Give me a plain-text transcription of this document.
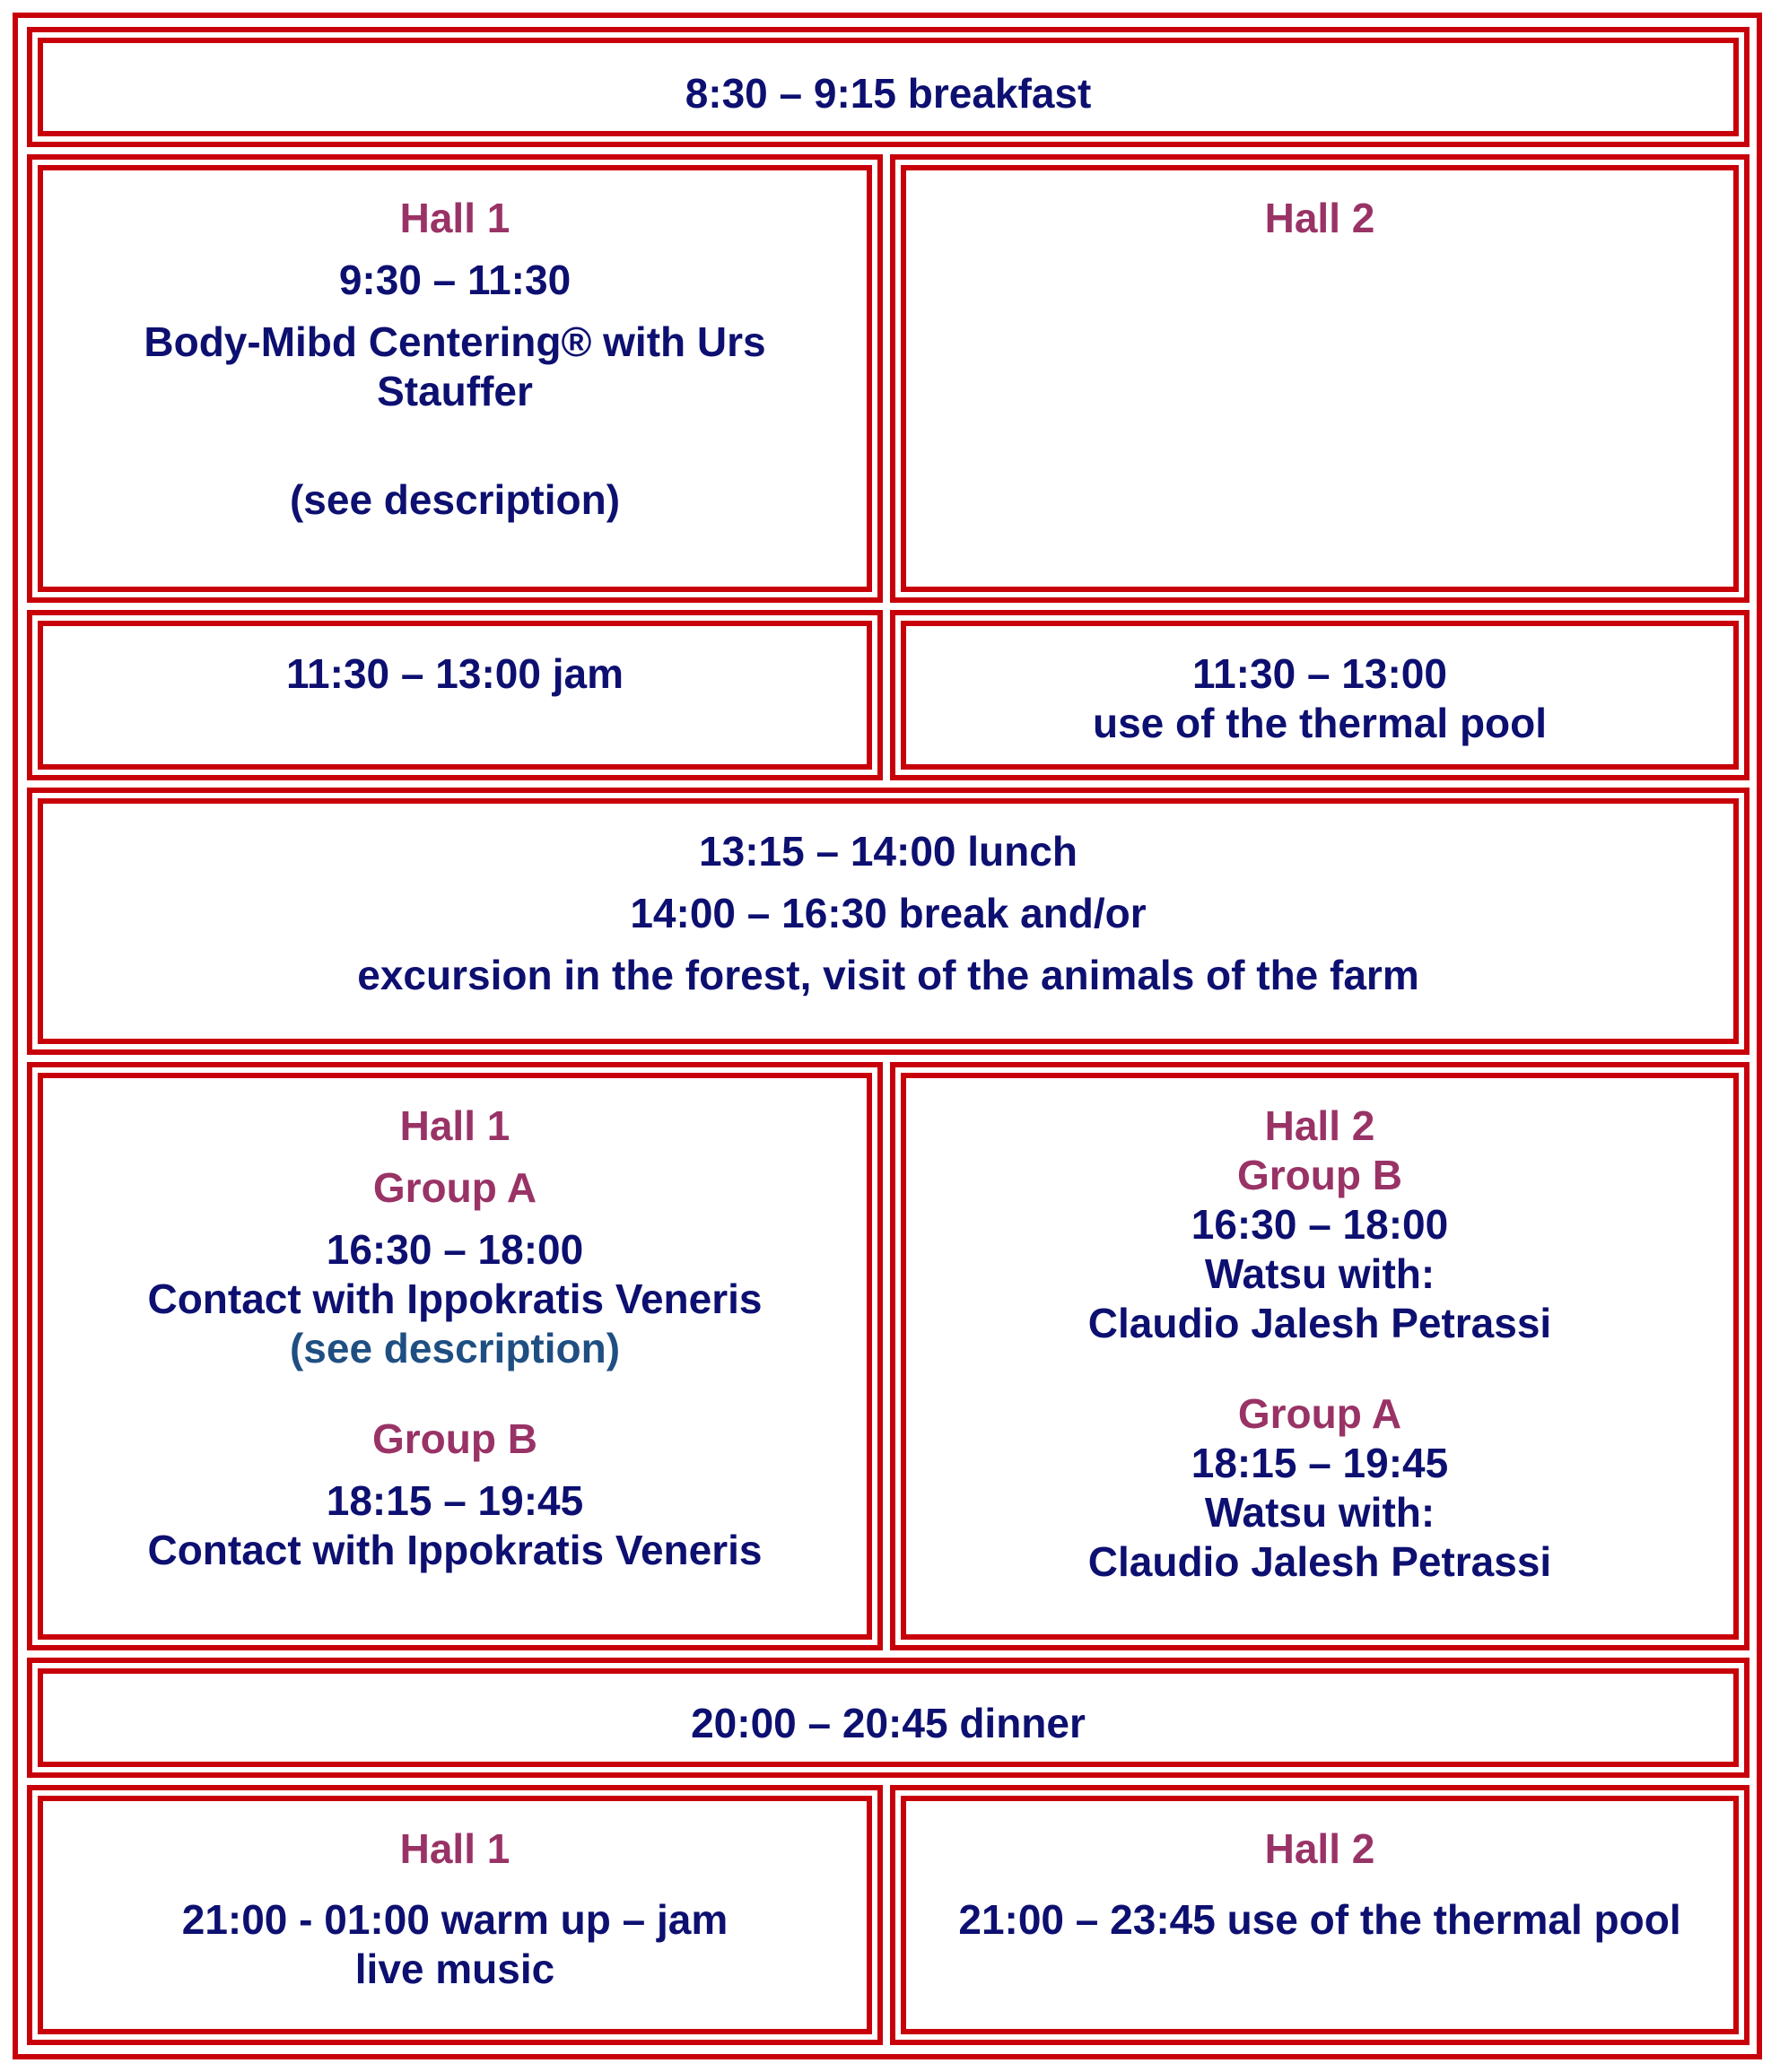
8:30 – 9:15 breakfast
Hall 1
9:30 – 11:30
Body-Mibd Centering® with Urs
Stauffer
(see description)
Hall 2
11:30 – 13:00 jam	11:30 – 13:00
use of the thermal pool
13:15 – 14:00 lunch
14:00 – 16:30 break and/or
excursion in the forest, visit of the animals of the farm
Hall 1
Group A
16:30 – 18:00
Contact with Ippokratis Veneris
(see description)
Group B
18:15 – 19:45
Contact with Ippokratis Veneris
Hall 2
Group B
16:30 – 18:00
Watsu with:
Claudio Jalesh Petrassi
Group A
18:15 – 19:45
Watsu with:
Claudio Jalesh Petrassi
20:00 – 20:45 dinner
Hall 1
21:00 - 01:00 warm up – jam
live music
Hall 2
21:00 – 23:45 use of the thermal pool
